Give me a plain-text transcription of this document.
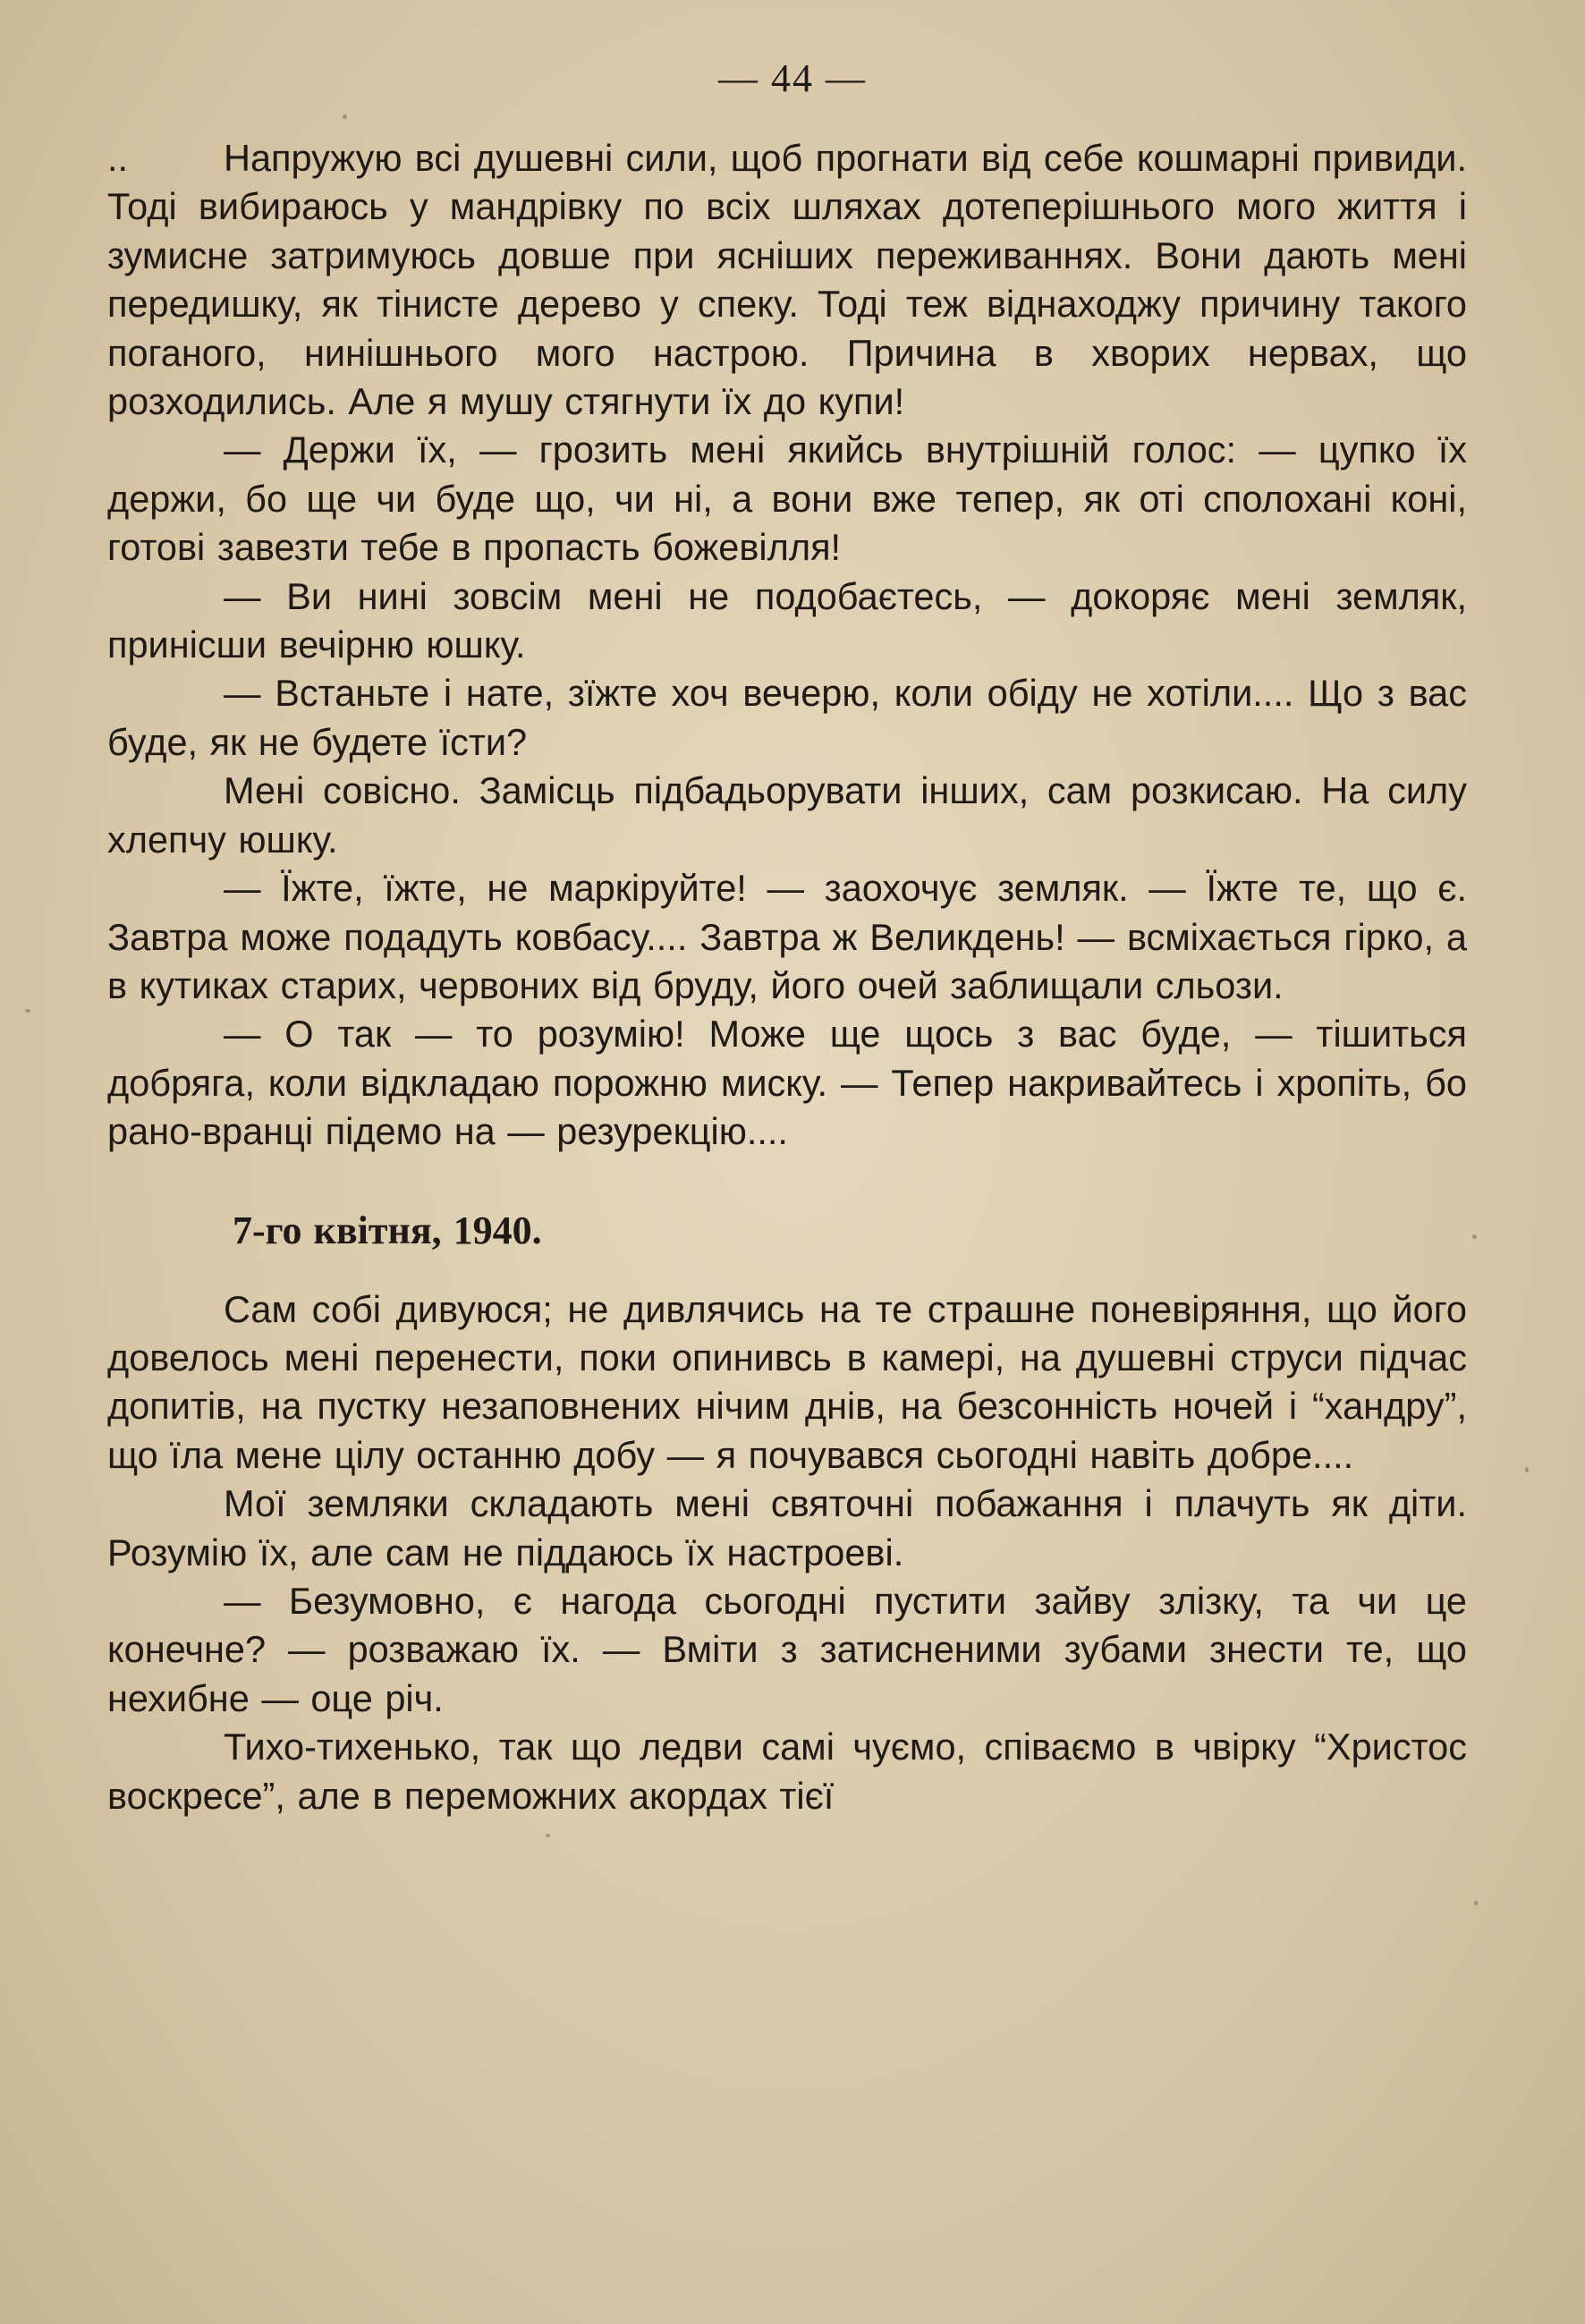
— 44 —

..	Напружую всі душевні сили, щоб прогнати від себе кошмарні привиди. Тоді вибираюсь у мандрівку по всіх шляхах дотеперішнього мого життя і зумисне затримуюсь довше при ясніших переживаннях. Вони дають мені передишку, як тінисте дерево у спеку. Тоді теж віднаходжу причину такого поганого, нинішнього мого настрою. Причина в хворих нервах, що розходились. Але я мушу стягнути їх до купи!

— Держи їх, — грозить мені якийсь внутрішній голос: — цупко їх держи, бо ще чи буде що, чи ні, а вони вже тепер, як оті сполохані коні, готові завезти тебе в пропасть божевілля!

— Ви нині зовсім мені не подобаєтесь, — докоряє мені земляк, принісши вечірню юшку.

— Встаньте і нате, зїжте хоч вечерю, коли обіду не хотіли.... Що з вас буде, як не будете їсти?

Мені совісно. Замісць підбадьорувати інших, сам розкисаю. На силу хлепчу юшку.

— Їжте, їжте, не маркіруйте! — заохочує земляк. — Їжте те, що є. Завтра може подадуть ковбасу.... Завтра ж Великдень! — всміхається гірко, а в кутиках старих, червоних від бруду, його очей заблищали сльози.

— О так — то розумію! Може ще щось з вас буде, — тішиться добряга, коли відкладаю порожню миску. — Тепер накривайтесь і хропіть, бо рано-вранці підемо на — резурекцію....

7-го квітня, 1940.

Сам собі дивуюся; не дивлячись на те страшне поневіряння, що його довелось мені перенести, поки опинивсь в камері, на душевні струси підчас допитів, на пустку незаповнених нічим днів, на безсонність ночей і “хандру”, що їла мене цілу останню добу — я почувався сьогодні навіть добре....

Мої земляки складають мені святочні побажання і плачуть як діти. Розумію їх, але сам не піддаюсь їх настроеві.

— Безумовно, є нагода сьогодні пустити зайву злізку, та чи це конечне? — розважаю їх. — Вміти з затисненими зубами знести те, що нехибне — оце річ.

Тихо-тихенько, так що ледви самі чуємо, співаємо в чвірку “Христос воскресе”, але в переможних акордах тієї
